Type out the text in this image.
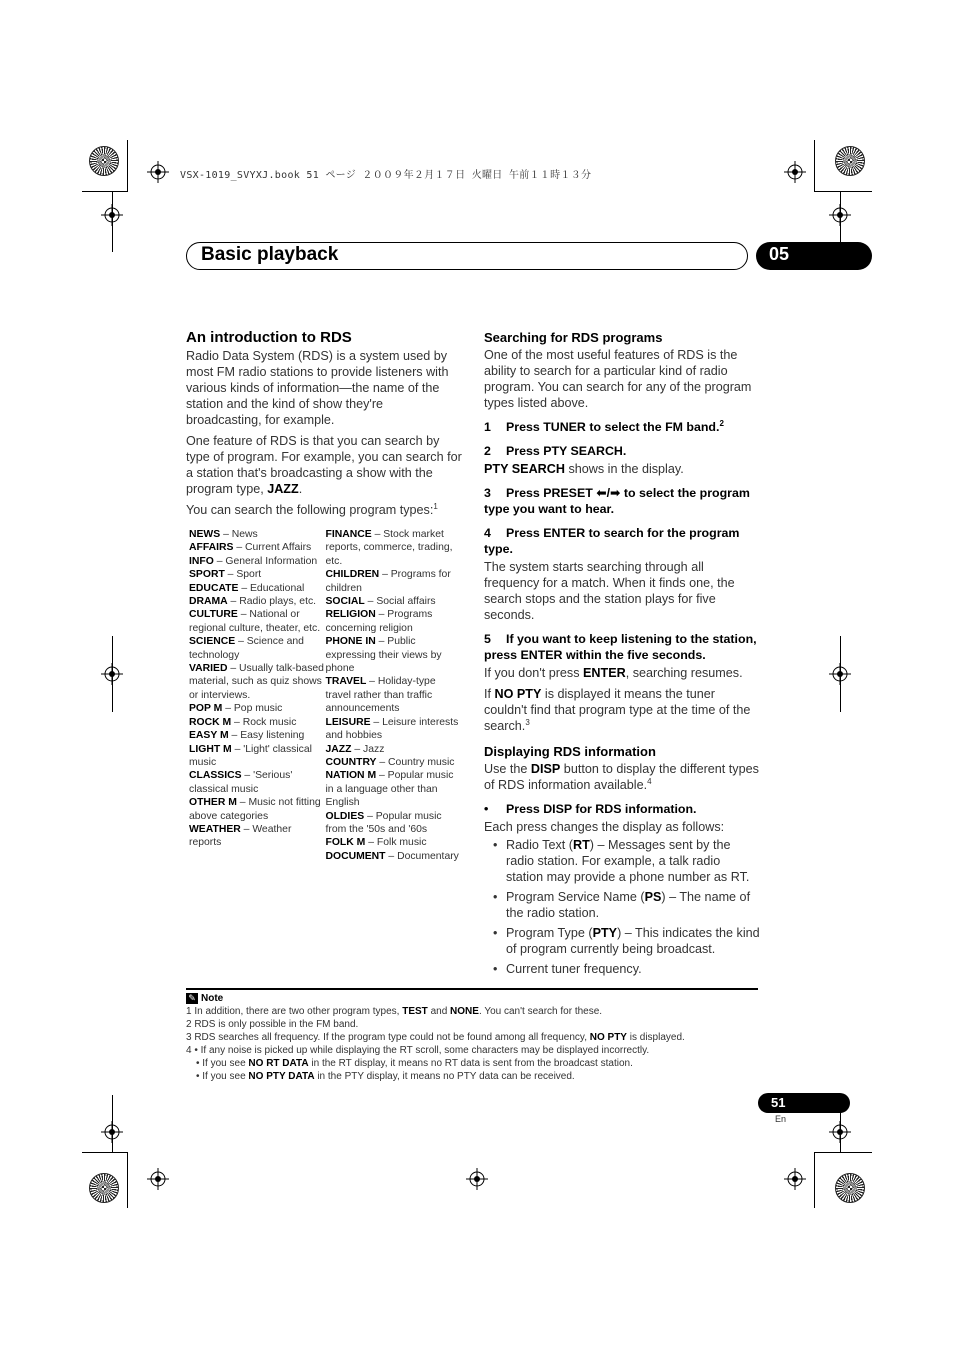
VSX-1019_SVYXJ.book 51 ページ ２００９年２月１７日 火曜日 午前１１時１３分
Basic playback	05
An introduction to RDS

Radio Data System (RDS) is a system used by most FM radio stations to provide listeners with various kinds of information—the name of the station and the kind of show they're broadcasting, for example.

One feature of RDS is that you can search by type of program. For example, you can search for a station that's broadcasting a show with the program type, JAZZ.

You can search the following program types:$^1$

NEWS – News
AFFAIRS – Current Affairs
INFO – General Information
SPORT – Sport
EDUCATE – Educational
DRAMA – Radio plays, etc.
CULTURE – National or regional culture, theater, etc.
SCIENCE – Science and technology
VARIED – Usually talk-based material, such as quiz shows or interviews.
POP M – Pop music
ROCK M – Rock music
EASY M – Easy listening
LIGHT M – 'Light' classical music
CLASSICS – 'Serious' classical music
OTHER M – Music not fitting above categories
WEATHER – Weather reports
FINANCE – Stock market reports, commerce, trading, etc.
CHILDREN – Programs for children
SOCIAL – Social affairs
RELIGION – Programs concerning religion
PHONE IN – Public expressing their views by phone
TRAVEL – Holiday-type travel rather than traffic announcements
LEISURE – Leisure interests and hobbies
JAZZ – Jazz
COUNTRY – Country music
NATION M – Popular music in a language other than English
OLDIES – Popular music from the '50s and '60s
FOLK M – Folk music
DOCUMENT – Documentary
Searching for RDS programs

One of the most useful features of RDS is the ability to search for a particular kind of radio program. You can search for any of the program types listed above.

1 Press TUNER to select the FM band.$^2$
2 Press PTY SEARCH.

PTY SEARCH shows in the display.

3 Press PRESET ⬅/➡ to select the program type you want to hear.
4 Press ENTER to search for the program type.

The system starts searching through all frequency for a match. When it finds one, the search stops and the station plays for five seconds.

5 If you want to keep listening to the station, press ENTER within the five seconds.

If you don't press ENTER, searching resumes.

If NO PTY is displayed it means the tuner couldn't find that program type at the time of the search.$^3$

Displaying RDS information

Use the DISP button to display the different types of RDS information available.$^4$

• Press DISP for RDS information.

Each press changes the display as follows:

• Radio Text (RT) – Messages sent by the radio station. For example, a talk radio station may provide a phone number as RT.
• Program Service Name (PS) – The name of the radio station.
• Program Type (PTY) – This indicates the kind of program currently being broadcast.
• Current tuner frequency.
✎ Note
1 In addition, there are two other program types, TEST and NONE. You can't search for these.
2 RDS is only possible in the FM band.
3 RDS searches all frequency. If the program type could not be found among all frequency, NO PTY is displayed.
4 • If any noise is picked up while displaying the RT scroll, some characters may be displayed incorrectly.
• If you see NO RT DATA in the RT display, it means no RT data is sent from the broadcast station.
• If you see NO PTY DATA in the PTY display, it means no PTY data can be received.
51
En
